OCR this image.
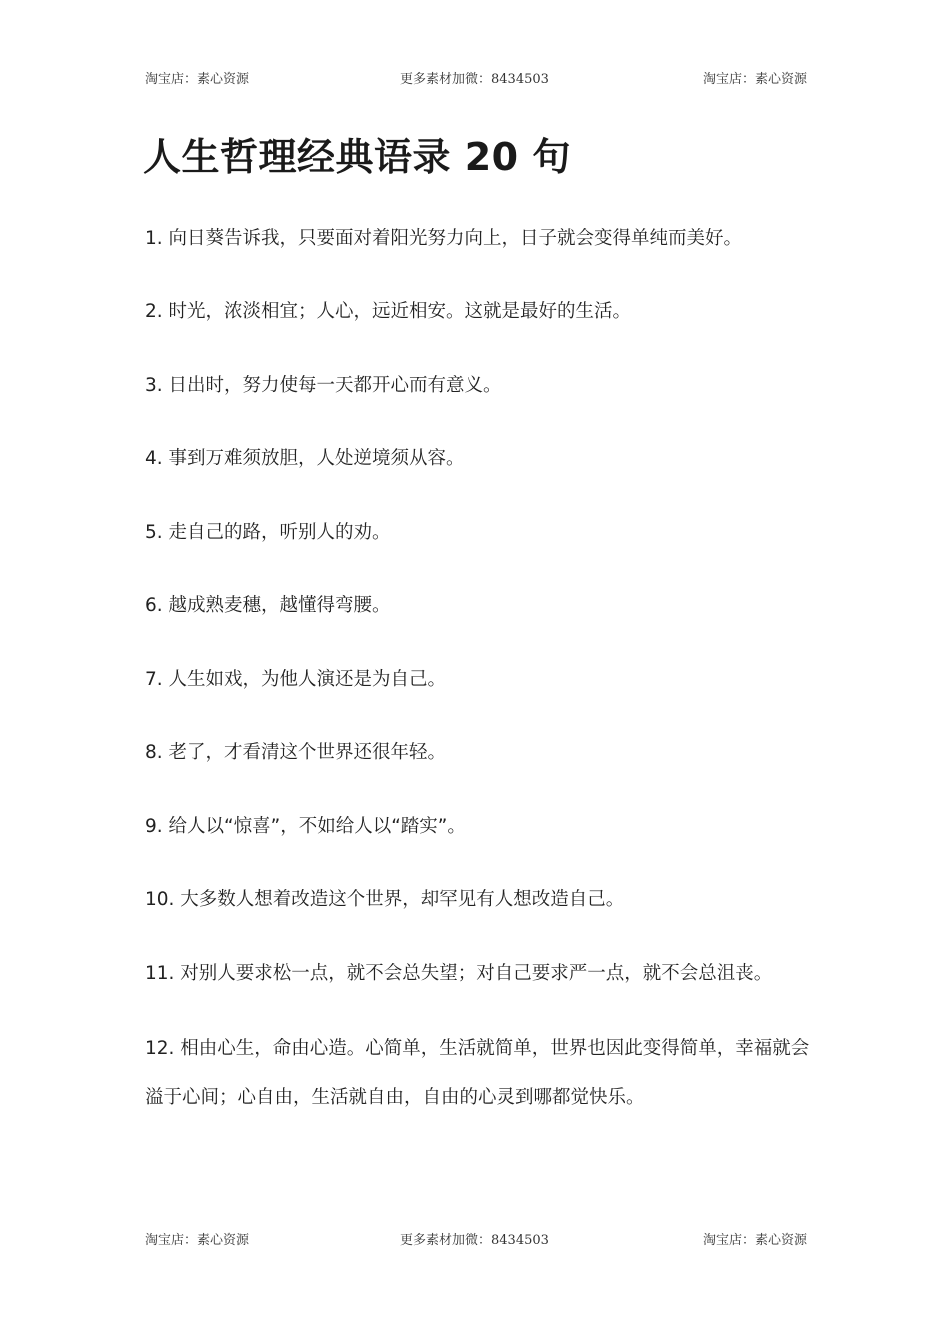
淘宝店：素心资源	更多素材加微：8434503	淘宝店：素心资源
人生哲理经典语录 20 句

1. 向日葵告诉我，只要面对着阳光努力向上，日子就会变得单纯而美好。

2. 时光，浓淡相宜；人心，远近相安。这就是最好的生活。

3. 日出时，努力使每一天都开心而有意义。

4. 事到万难须放胆，人处逆境须从容。

5. 走自己的路，听别人的劝。

6. 越成熟麦穗，越懂得弯腰。

7. 人生如戏，为他人演还是为自己。

8. 老了，才看清这个世界还很年轻。

9. 给人以“惊喜”，不如给人以“踏实”。

10. 大多数人想着改造这个世界，却罕见有人想改造自己。

11. 对别人要求松一点，就不会总失望；对自己要求严一点，就不会总沮丧。

12. 相由心生，命由心造。心简单，生活就简单，世界也因此变得简单，幸福就会溢于心间；心自由，生活就自由，自由的心灵到哪都觉快乐。

淘宝店：素心资源	更多素材加微：8434503	淘宝店：素心资源
